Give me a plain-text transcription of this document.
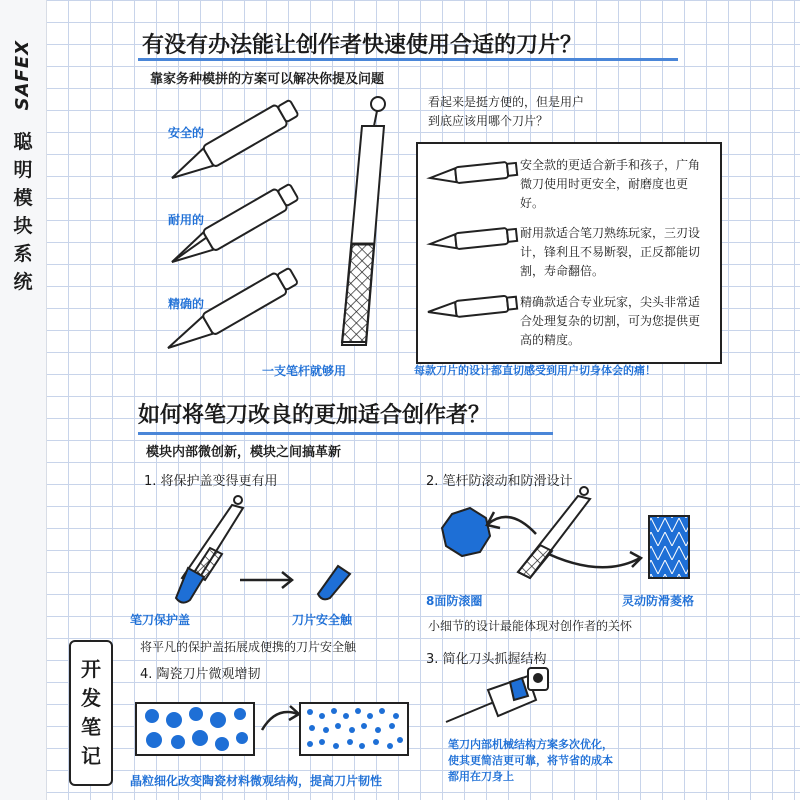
SAFEX
聪
明
模
块
系
统
开
发
笔
记
有没有办法能让创作者快速使用合适的刀片？
靠家务种模拼的方案可以解决你提及问题
安全的
耐用的
精确的
一支笔杆就够用
看起来是挺方便的，但是用户
到底应该用哪个刀片？
安全款的更适合新手和孩子，广角微刀使用时更安全，耐磨度也更好。
耐用款适合笔刀熟练玩家，三刃设计，锋利且不易断裂，正反都能切割，寿命翻倍。
精确款适合专业玩家，尖头非常适合处理复杂的切割，可为您提供更高的精度。
每款刀片的设计都直切感受到用户切身体会的痛！
如何将笔刀改良的更加适合创作者？
模块内部微创新，模块之间搞革新
1. 将保护盖变得更有用
笔刀保护盖	刀片安全触
将平凡的保护盖拓展成便携的刀片安全触
2. 笔杆防滚动和防滑设计
8面防滚圈	灵动防滑菱格
小细节的设计最能体现对创作者的关怀
3. 简化刀头抓握结构
笔刀内部机械结构方案多次优化，使其更简洁更可靠，将节省的成本都用在刀身上
4. 陶瓷刀片微观增韧
晶粒细化改变陶瓷材料微观结构，提高刀片韧性
